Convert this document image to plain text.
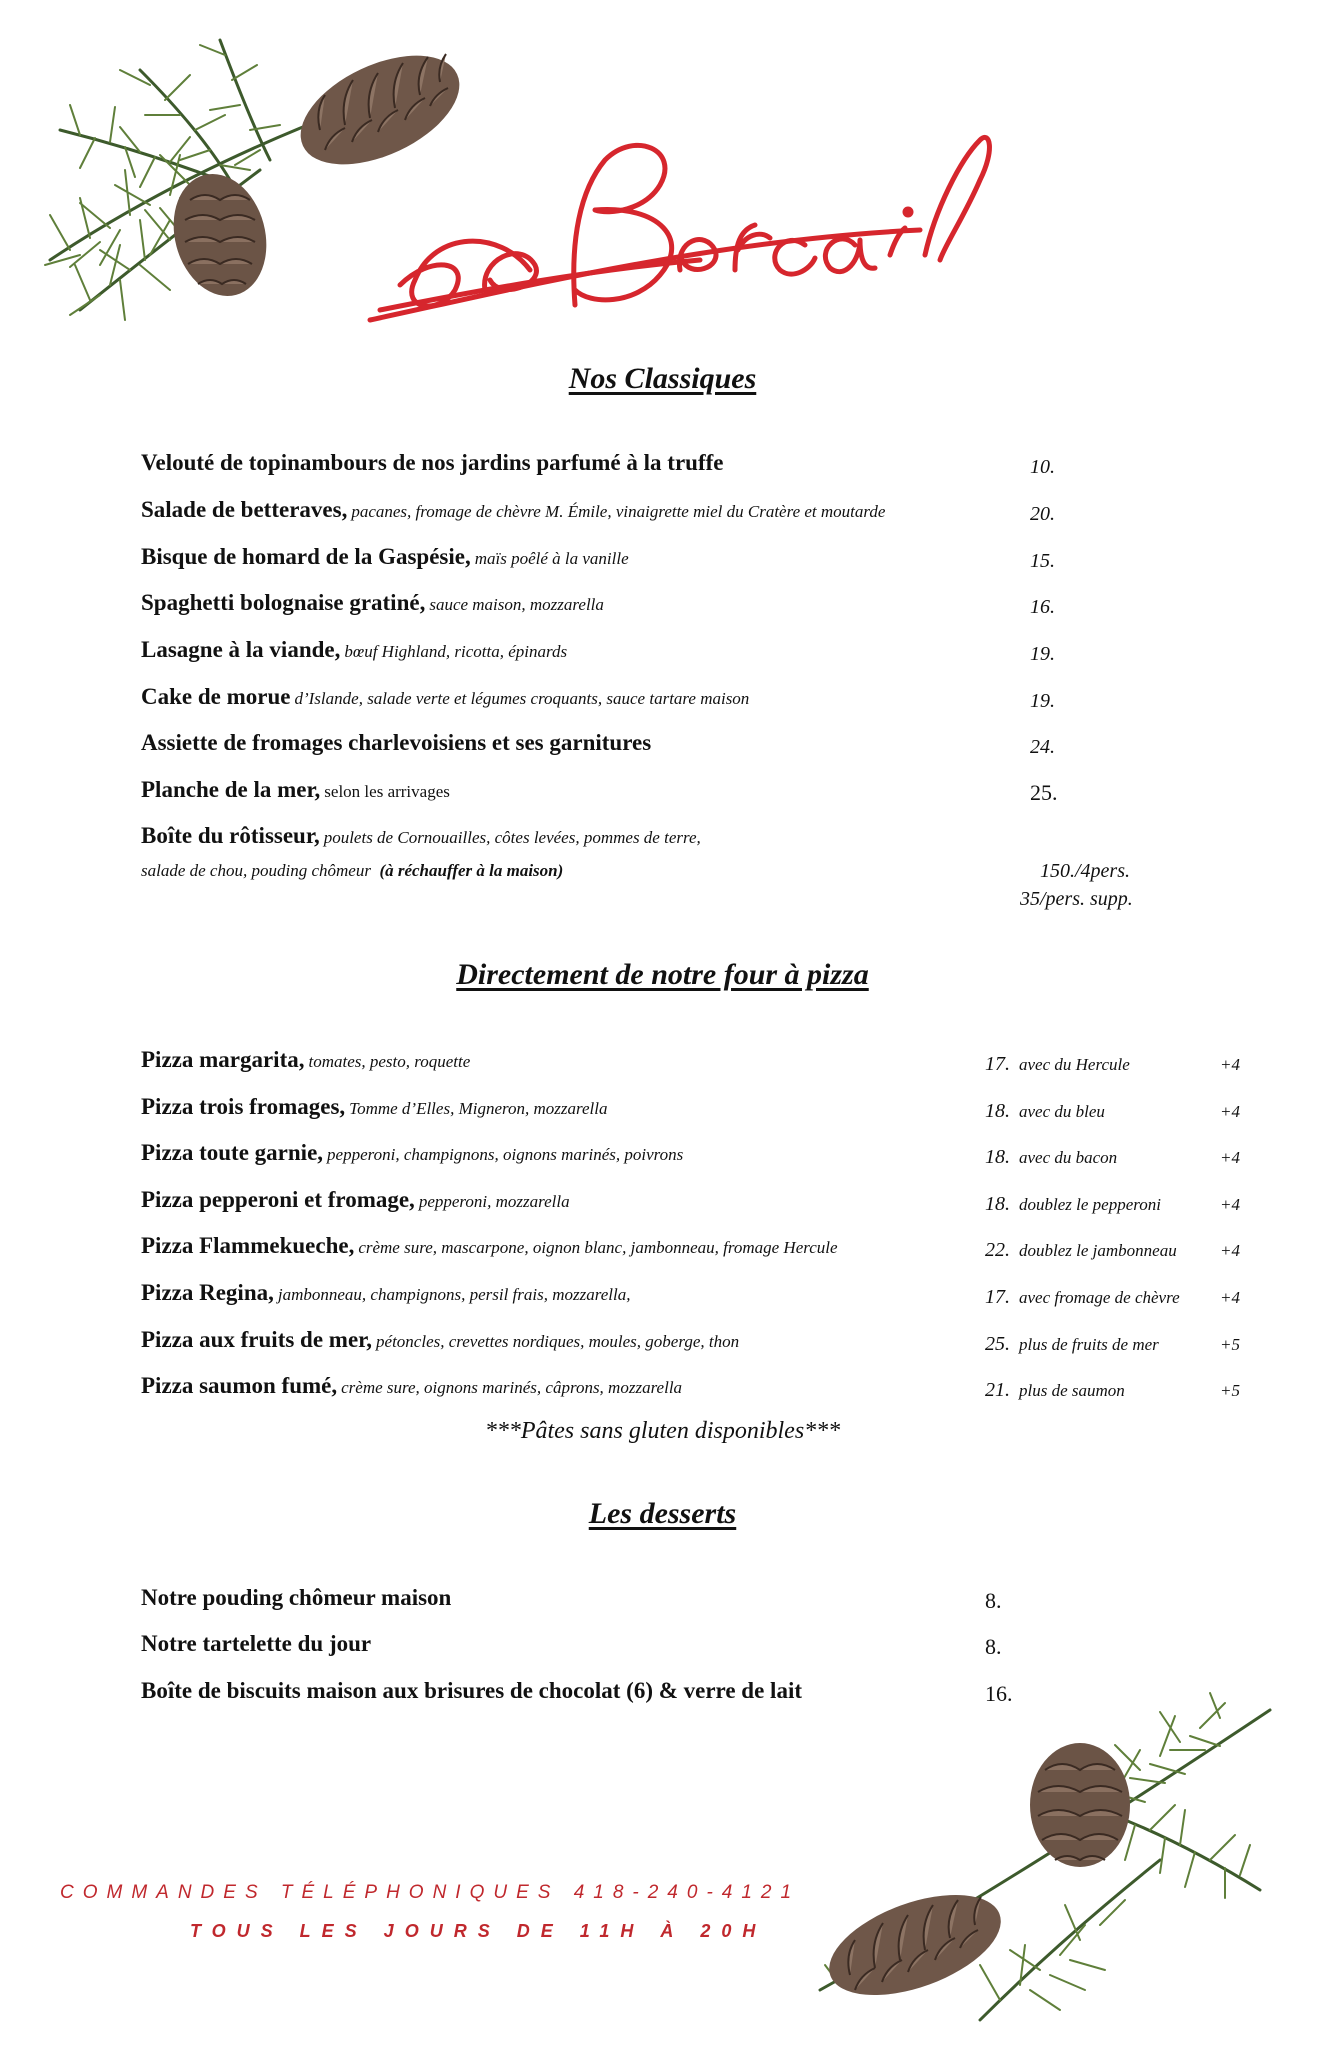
Nos Classiques
Velouté de topinambours de nos jardins parfumé à la truffe	10.
Salade de betteraves, pacanes, fromage de chèvre M. Émile, vinaigrette miel du Cratère et moutarde	20.
Bisque de homard de la Gaspésie, maïs poêlé à la vanille	15.
Spaghetti bolognaise gratiné, sauce maison, mozzarella	16.
Lasagne à la viande, bœuf Highland, ricotta, épinards	19.
Cake de morue d’Islande, salade verte et légumes croquants, sauce tartare maison	19.
Assiette de fromages charlevoisiens et ses garnitures	24.
Planche de la mer, selon les arrivages	25.
Boîte du rôtisseur, poulets de Cornouailles, côtes levées, pommes de terre,
salade de chou, pouding chômeur (à réchauffer à la maison)	150./4pers.
35/pers. supp.
Directement de notre four à pizza
Pizza margarita, tomates, pesto, roquette	17. avec du Hercule	+4
Pizza trois fromages, Tomme d’Elles, Migneron, mozzarella	18. avec du bleu	+4
Pizza toute garnie, pepperoni, champignons, oignons marinés, poivrons	18. avec du bacon	+4
Pizza pepperoni et fromage, pepperoni, mozzarella	18. doublez le pepperoni	+4
Pizza Flammekueche, crème sure, mascarpone, oignon blanc, jambonneau, fromage Hercule	22. doublez le jambonneau	+4
Pizza Regina, jambonneau, champignons, persil frais, mozzarella,	17. avec fromage de chèvre +4
Pizza aux fruits de mer, pétoncles, crevettes nordiques, moules, goberge, thon	25. plus de fruits de mer	+5
Pizza saumon fumé, crème sure, oignons marinés, câprons, mozzarella	21. plus de saumon	+5
***Pâtes sans gluten disponibles***
Les desserts
Notre pouding chômeur maison	8.
Notre tartelette du jour	8.
Boîte de biscuits maison aux brisures de chocolat (6) & verre de lait	16.
COMMANDES TÉLÉPHONIQUES 418-240-4121
TOUS LES JOURS DE 11H À 20H
